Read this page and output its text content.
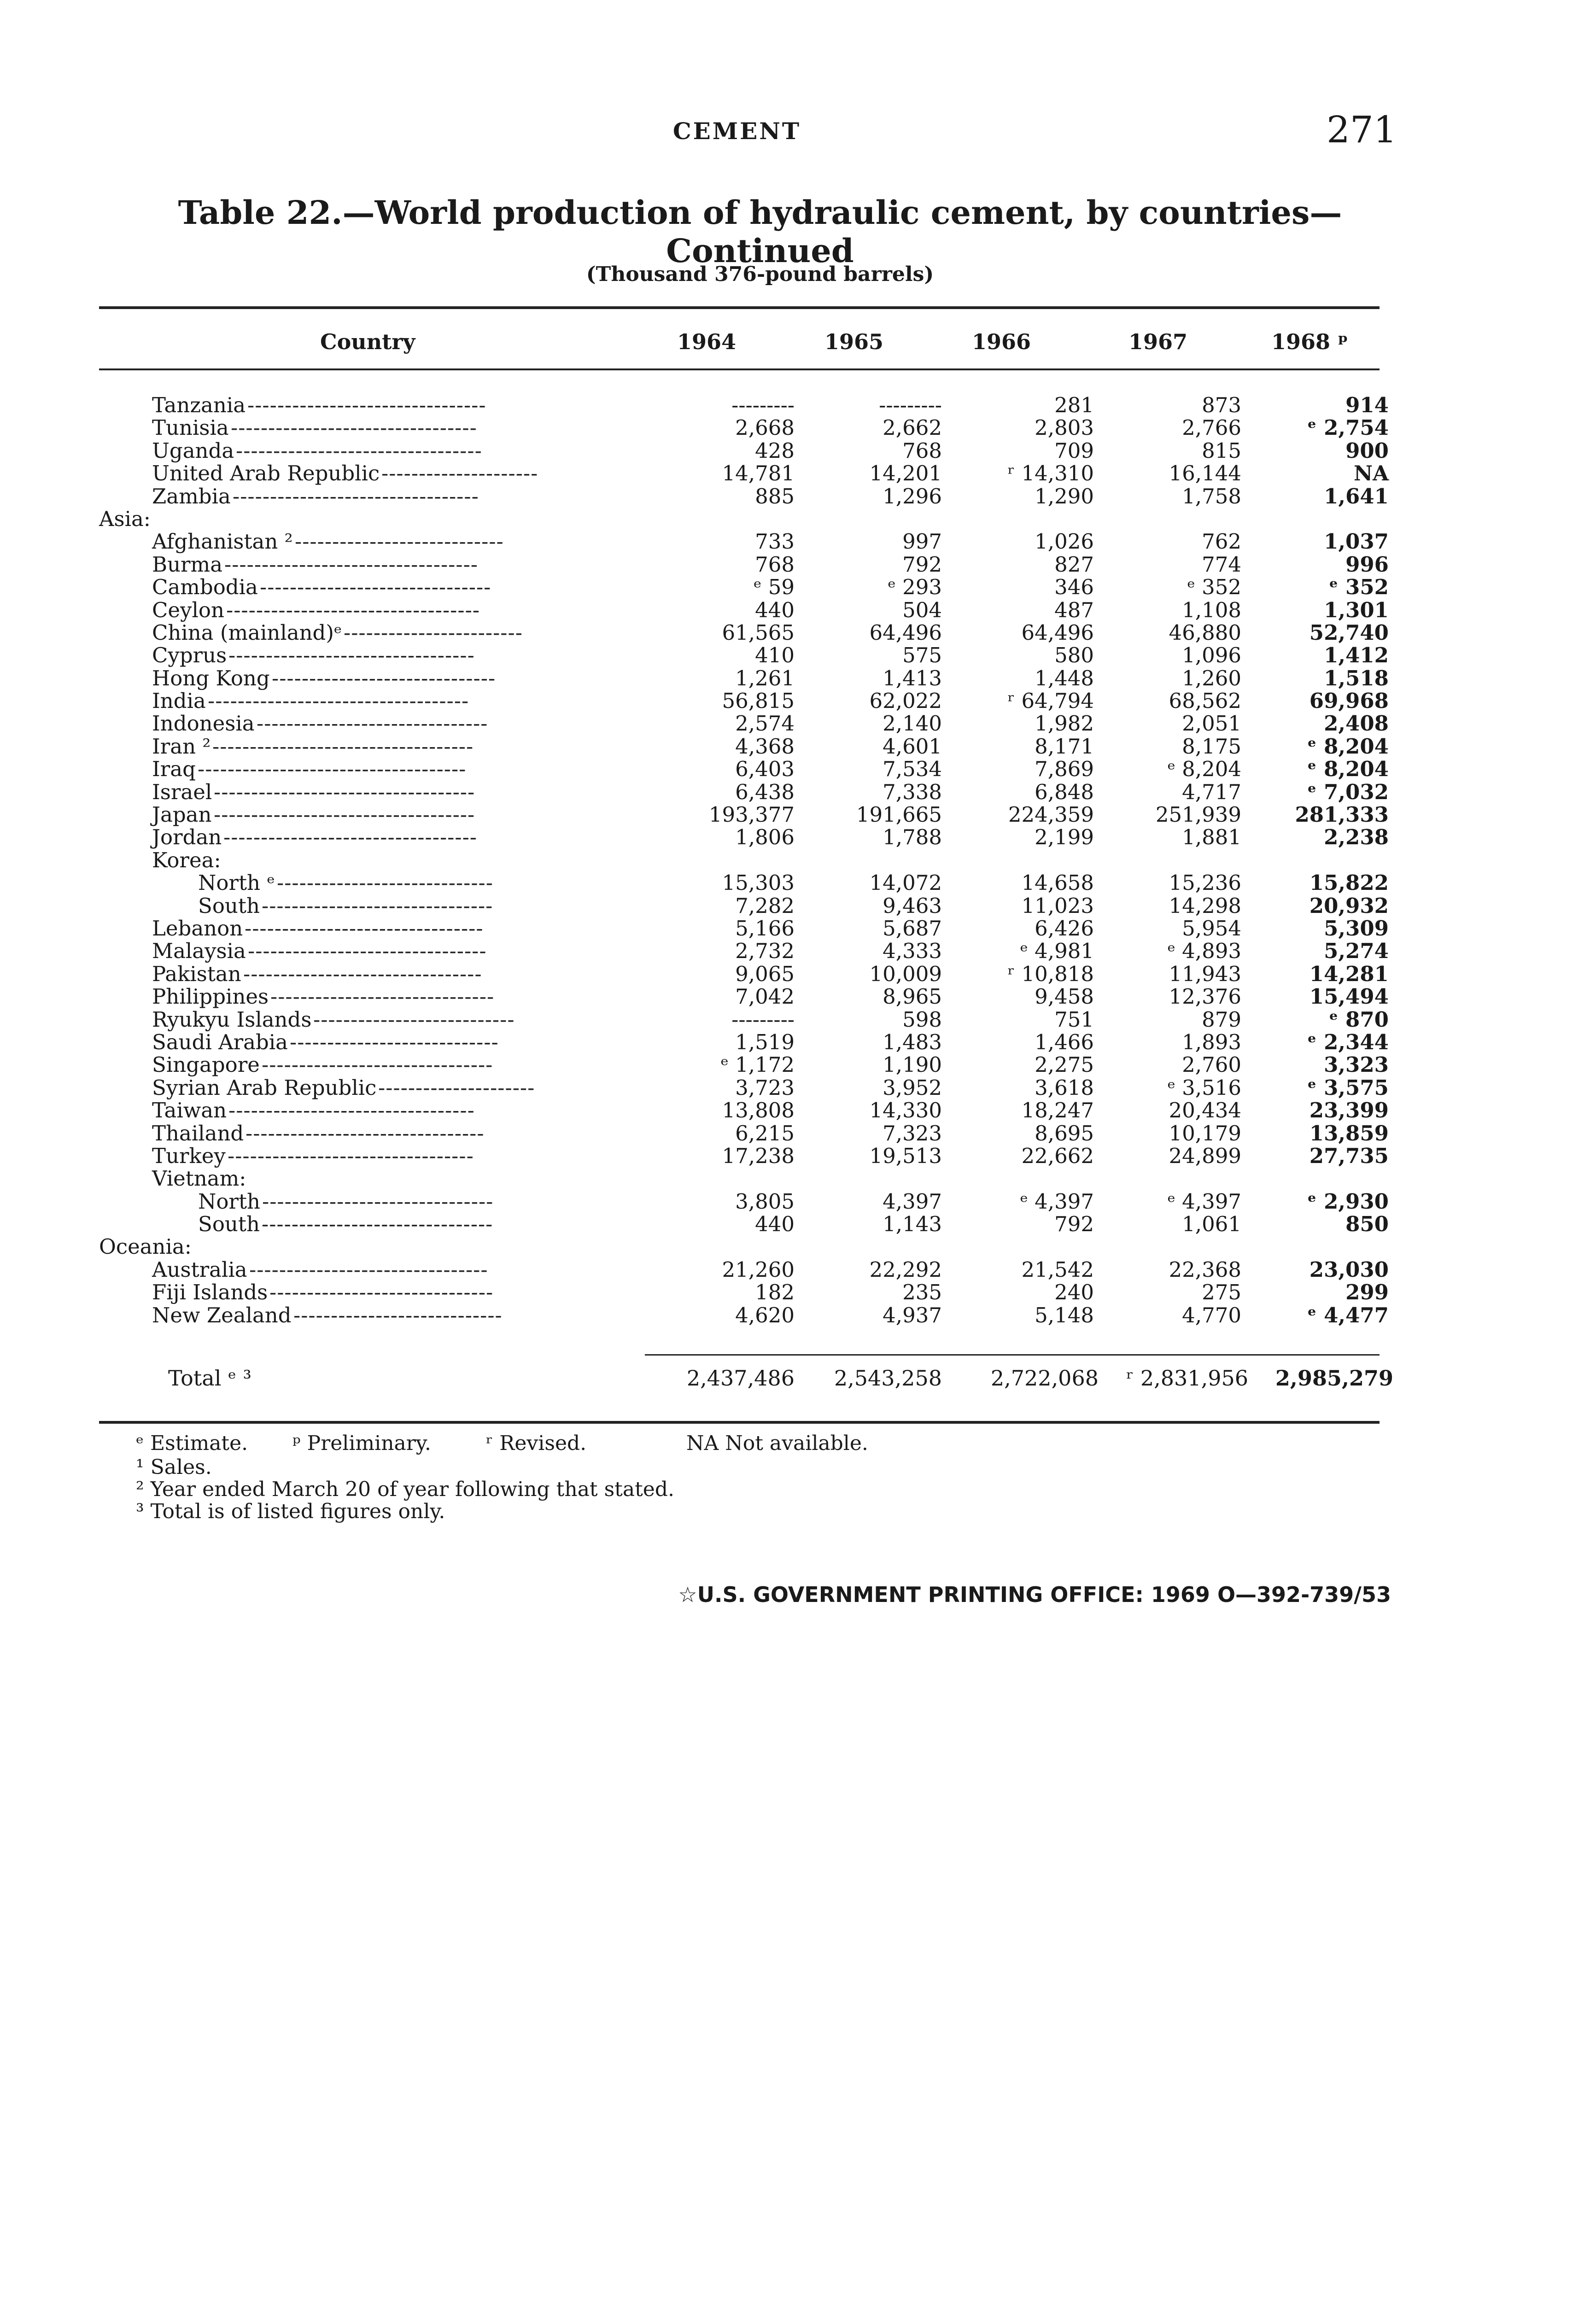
CEMENT	271
Table 22.—World production of hydraulic cement, by countries—Continued
(Thousand 376-pound barrels)
Country	1964	1965	1966	1967	1968 ᵖ
Tanzania --------------------------------	---------	---------	281	873	914
Tunisia ---------------------------------	2,668	2,662	2,803	2,766	ᵉ 2,754
Uganda ---------------------------------	428	768	709	815	900
United Arab Republic ---------------------	14,781	14,201	ʳ 14,310	16,144	NA
Zambia ---------------------------------	885	1,296	1,290	1,758	1,641
Asia:
Afghanistan ² ----------------------------	733	997	1,026	762	1,037
Burma ----------------------------------	768	792	827	774	996
Cambodia -------------------------------	ᵉ 59	ᵉ 293	346	ᵉ 352	ᵉ 352
Ceylon ----------------------------------	440	504	487	1,108	1,301
China (mainland)ᵉ ------------------------	61,565	64,496	64,496	46,880	52,740
Cyprus ---------------------------------	410	575	580	1,096	1,412
Hong Kong ------------------------------	1,261	1,413	1,448	1,260	1,518
India -----------------------------------	56,815	62,022	ʳ 64,794	68,562	69,968
Indonesia -------------------------------	2,574	2,140	1,982	2,051	2,408
Iran ² -----------------------------------	4,368	4,601	8,171	8,175	ᵉ 8,204
Iraq ------------------------------------	6,403	7,534	7,869	ᵉ 8,204	ᵉ 8,204
Israel -----------------------------------	6,438	7,338	6,848	4,717	ᵉ 7,032
Japan -----------------------------------	193,377	191,665	224,359	251,939	281,333
Jordan ----------------------------------	1,806	1,788	2,199	1,881	2,238
Korea:
North ᵉ -----------------------------	15,303	14,072	14,658	15,236	15,822
South -------------------------------	7,282	9,463	11,023	14,298	20,932
Lebanon --------------------------------	5,166	5,687	6,426	5,954	5,309
Malaysia --------------------------------	2,732	4,333	ᵉ 4,981	ᵉ 4,893	5,274
Pakistan --------------------------------	9,065	10,009	ʳ 10,818	11,943	14,281
Philippines ------------------------------	7,042	8,965	9,458	12,376	15,494
Ryukyu Islands ---------------------------	---------	598	751	879	ᵉ 870
Saudi Arabia ----------------------------	1,519	1,483	1,466	1,893	ᵉ 2,344
Singapore -------------------------------	ᵉ 1,172	1,190	2,275	2,760	3,323
Syrian Arab Republic ---------------------	3,723	3,952	3,618	ᵉ 3,516	ᵉ 3,575
Taiwan ---------------------------------	13,808	14,330	18,247	20,434	23,399
Thailand --------------------------------	6,215	7,323	8,695	10,179	13,859
Turkey ---------------------------------	17,238	19,513	22,662	24,899	27,735
Vietnam:
North -------------------------------	3,805	4,397	ᵉ 4,397	ᵉ 4,397	ᵉ 2,930
South -------------------------------	440	1,143	792	1,061	850
Oceania:
Australia --------------------------------	21,260	22,292	21,542	22,368	23,030
Fiji Islands ------------------------------	182	235	240	275	299
New Zealand ----------------------------	4,620	4,937	5,148	4,770	ᵉ 4,477
Total ᵉ ³	2,437,486	2,543,258	2,722,068	ʳ 2,831,956	2,985,279
ᵉ Estimate. ᵖ Preliminary.	ʳ Revised.	NA Not available.
¹ Sales.
² Year ended March 20 of year following that stated.
³ Total is of listed figures only.
☆U.S. GOVERNMENT PRINTING OFFICE: 1969 O—392-739/53
